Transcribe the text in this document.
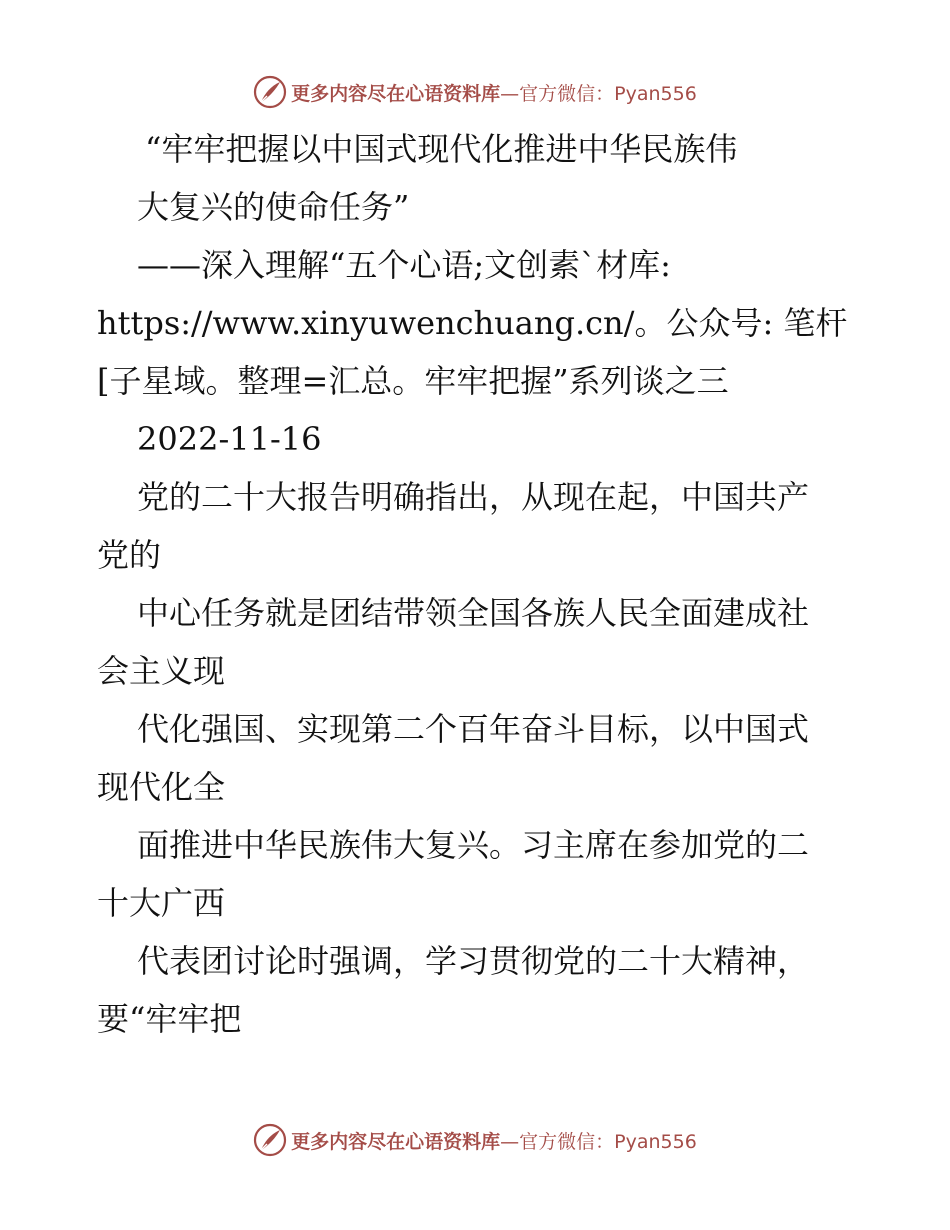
更多内容尽在心语资料库 —官方微信：Pyan556
“牢牢把握以中国式现代化推进中华民族伟
大复兴的使命任务”
——深入理解“五个心语;文创素`材库:
https://www.xinyuwenchuang.cn/。公众号: 笔杆
[子星域。整理=汇总。牢牢把握”系列谈之三
2022-11-16
党的二十大报告明确指出，从现在起，中国共产
党的
中心任务就是团结带领全国各族人民全面建成社
会主义现
代化强国、实现第二个百年奋斗目标，以中国式
现代化全
面推进中华民族伟大复兴。习主席在参加党的二
十大广西
代表团讨论时强调，学习贯彻党的二十大精神，
要“牢牢把
更多内容尽在心语资料库 —官方微信：Pyan556
